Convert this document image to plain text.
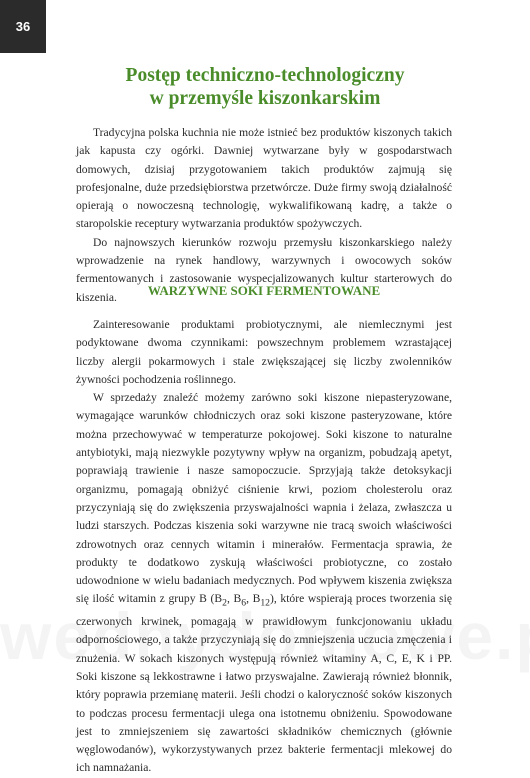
36
Postęp techniczno-technologiczny
w przemyśle kiszonkarskim

Tradycyjna polska kuchnia nie może istnieć bez produktów kiszonych takich jak kapusta czy ogórki. Dawniej wytwarzane były w gospodarstwach domowych, dzisiaj przygotowaniem takich produktów zajmują się profesjonalne, duże przedsiębiorstwa przetwórcze. Duże firmy swoją działalność opierają o nowoczesną technologię, wykwalifikowaną kadrę, a także o staropolskie receptury wytwarzania produktów spożywczych.

Do najnowszych kierunków rozwoju przemysłu kiszonkarskiego należy wprowadzenie na rynek handlowy, warzywnych i owocowych soków fermentowanych i zastosowanie wyspecjalizowanych kultur starterowych do kiszenia.	WARZYWNE SOKI FERMENTOWANE

Zainteresowanie produktami probiotycznymi, ale niemlecznymi jest podyktowane dwoma czynnikami: powszechnym problemem wzrastającej liczby alergii pokarmowych i stale zwiększającej się liczby zwolenników żywności pochodzenia roślinnego.

W sprzedaży znaleźć możemy zarówno soki kiszone niepasteryzowane, wymagające warunków chłodniczych oraz soki kiszone pasteryzowane, które można przechowywać w temperaturze pokojowej. Soki kiszone to naturalne antybiotyki, mają niezwykle pozytywny wpływ na organizm, pobudzają apetyt, poprawiają trawienie i nasze samopoczucie. Sprzyjają także detoksykacji organizmu, pomagają obniżyć ciśnienie krwi, poziom cholesterolu oraz przyczyniają się do zwiększenia przyswajalności wapnia i żelaza, zwłaszcza u ludzi starszych. Podczas kiszenia soki warzywne nie tracą swoich właściwości zdrowotnych oraz cennych witamin i minerałów. Fermentacja sprawia, że produkty te dodatkowo zyskują właściwości probiotyczne, co zostało udowodnione w wielu badaniach medycznych. Pod wpływem kiszenia zwiększa się ilość witamin z grupy B ($B_2$, $B_6$, $B_{12}$), które wspierają proces tworzenia się czerwonych krwinek, pomagają w prawidłowym funkcjonowaniu układu odpornościowego, a także przyczyniają się do zmniejszenia uczucia zmęczenia i znużenia. W sokach kiszonych występują również witaminy A, C, E, K i PP. Soki kiszone są lekkostrawne i łatwo przyswajalne. Zawierają również błonnik, który poprawia przemianę materii. Jeśli chodzi o kaloryczność soków kiszonych to podczas procesu fermentacji ulega ona istotnemu obniżeniu. Spowodowane jest to zmniejszeniem się zawartości składników chemicznych (głównie węglowodanów), wykorzystywanych przez bakterie fermentacji mlekowej do ich namnażania.
